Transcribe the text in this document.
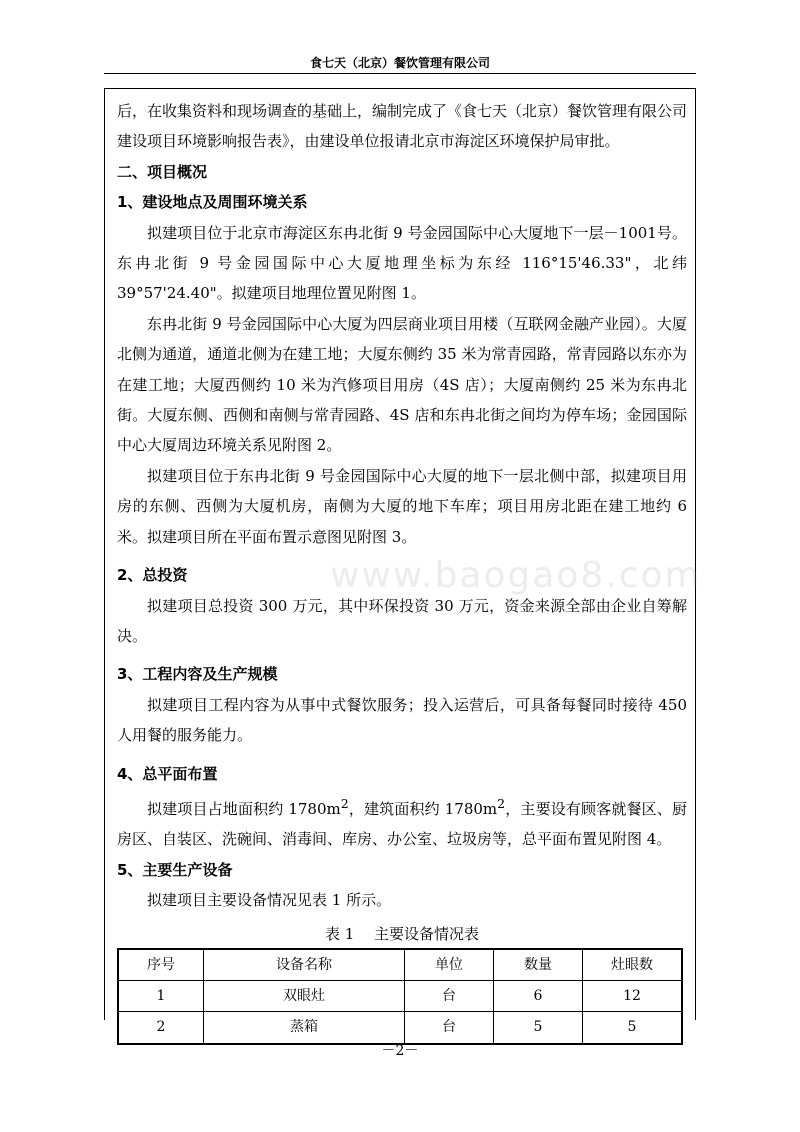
食七天（北京）餐饮管理有限公司
www.baogao8.com

后，在收集资料和现场调查的基础上，编制完成了《食七天（北京）餐饮管理有限公司建设项目环境影响报告表》，由建设单位报请北京市海淀区环境保护局审批。

二、项目概况
1、建设地点及周围环境关系

拟建项目位于北京市海淀区东冉北街 9 号金园国际中心大厦地下一层－1001号。东冉北街 9 号金园国际中心大厦地理坐标为东经 116°15'46.33"，北纬 39°57'24.40"。拟建项目地理位置见附图 1。

东冉北街 9 号金园国际中心大厦为四层商业项目用楼（互联网金融产业园）。大厦北侧为通道，通道北侧为在建工地；大厦东侧约 35 米为常青园路，常青园路以东亦为在建工地；大厦西侧约 10 米为汽修项目用房（4S 店）；大厦南侧约 25 米为东冉北街。大厦东侧、西侧和南侧与常青园路、4S 店和东冉北街之间均为停车场；金园国际中心大厦周边环境关系见附图 2。

拟建项目位于东冉北街 9 号金园国际中心大厦的地下一层北侧中部，拟建项目用房的东侧、西侧为大厦机房，南侧为大厦的地下车库；项目用房北距在建工地约 6 米。拟建项目所在平面布置示意图见附图 3。

2、总投资

拟建项目总投资 300 万元，其中环保投资 30 万元，资金来源全部由企业自筹解决。

3、工程内容及生产规模

拟建项目工程内容为从事中式餐饮服务；投入运营后，可具备每餐同时接待 450 人用餐的服务能力。

4、总平面布置

拟建项目占地面积约 $1780m^2$，建筑面积约 $1780m^2$，主要设有顾客就餐区、厨房区、自装区、洗碗间、消毒间、库房、办公室、垃圾房等，总平面布置见附图 4。

5、主要生产设备

拟建项目主要设备情况见表 1 所示。

表 1　 主要设备情况表
序号	设备名称	单位	数量	灶眼数
1	双眼灶	台	6	12
2	蒸箱	台	5	5
－2－
